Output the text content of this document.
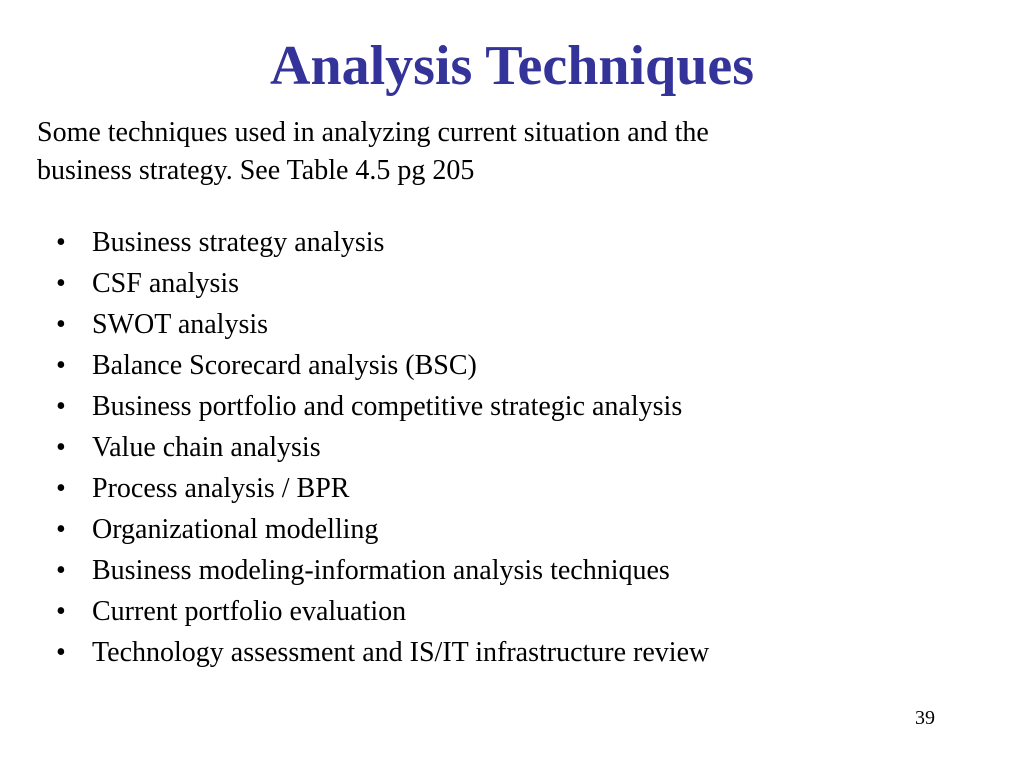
Analysis Techniques

Some techniques used in analyzing current situation and the
business strategy. See Table 4.5 pg 205

• Business strategy analysis
• CSF analysis
• SWOT analysis
• Balance Scorecard analysis (BSC)
• Business portfolio and competitive strategic analysis
• Value chain analysis
• Process analysis / BPR
• Organizational modelling
• Business modeling-information analysis techniques
• Current portfolio evaluation
• Technology assessment and IS/IT infrastructure review
39
